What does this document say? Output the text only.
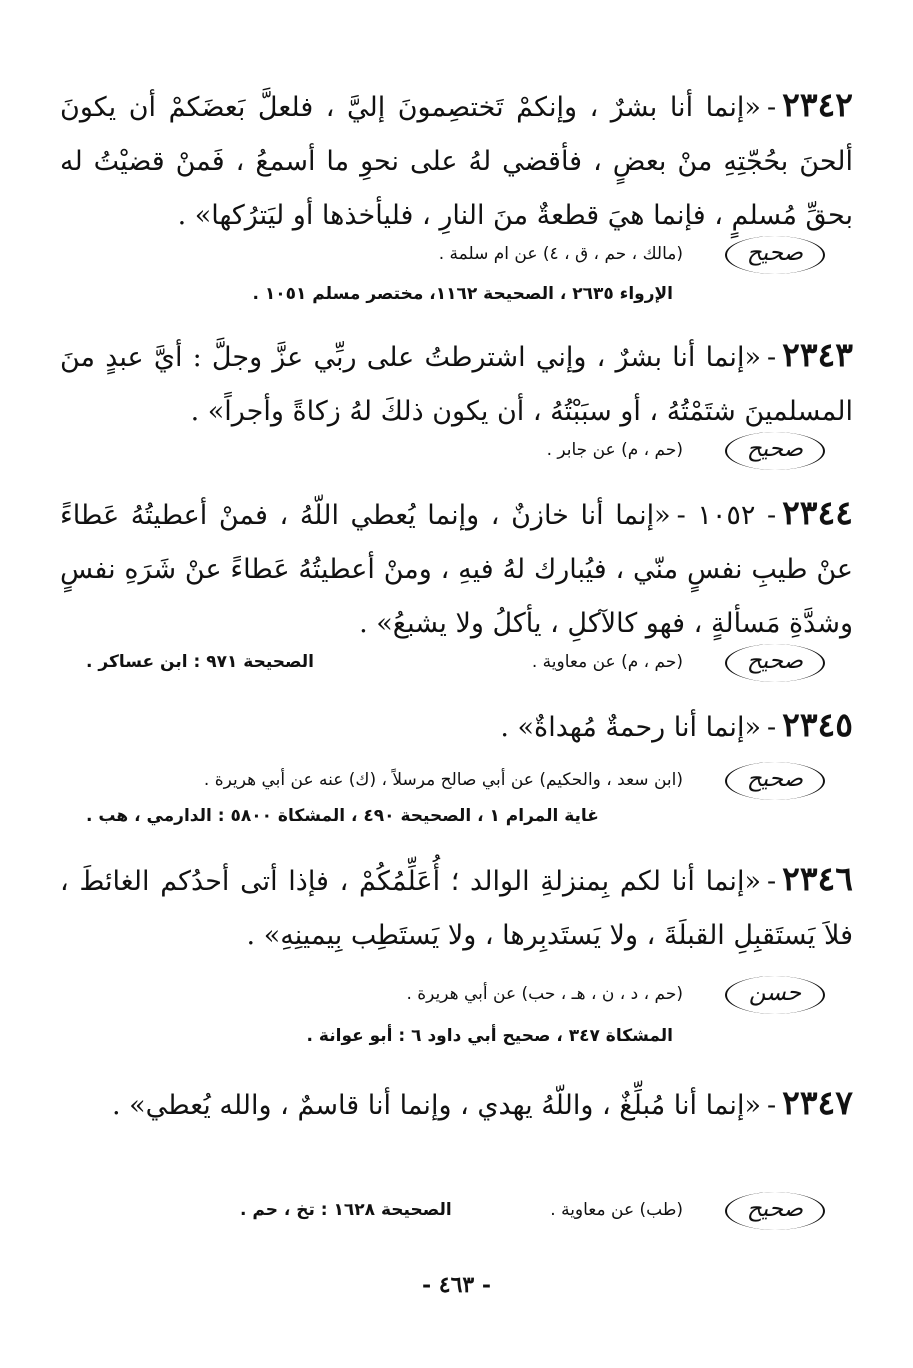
٢٣٤٢-«إنما أنا بشرٌ ، وإنكمْ تَختصِمونَ إليَّ ، فلعلَّ بَعضَكمْ أن يكونَ ألحنَ بحُجّتِهِ منْ بعضٍ ، فأقضي لهُ على نحوِ ما أسمعُ ، فَمنْ قضيْتُ له بحقِّ مُسلمٍ ، فإنما هيَ قطعةٌ منَ النارِ ، فليأخذها أو ليَترُكها» .

صحيح
(مالك ، حم ، ق ، ٤) عن ام سلمة .
الإرواء ٢٦٣٥ ، الصحيحة ١١٦٢، مختصر مسلم ١٠٥١ .

٢٣٤٣-«إنما أنا بشرٌ ، وإني اشترطتُ على ربِّي عزَّ وجلَّ : أيَّ عبدٍ منَ المسلمينَ شتَمْتُهُ ، أو سبَبْتُهُ ، أن يكون ذلكَ لهُ زكاةً وأجراً» .

صحيح
(حم ، م) عن جابر .

٢٣٤٤- ١٠٥٢ -«إنما أنا خازنٌ ، وإنما يُعطي اللّهُ ، فمنْ أعطيتُهُ عَطاءً عنْ طيبِ نفسٍ منّي ، فيُبارك لهُ فيهِ ، ومنْ أعطيتُهُ عَطاءً عنْ شَرَهِ نفسٍ وشدَّةِ مَسألةٍ ، فهو كالآكلِ ، يأكلُ ولا يشبعُ» .

صحيح
(حم ، م) عن معاوية .
الصحيحة ٩٧١ : ابن عساكر .

٢٣٤٥-«إنما أنا رحمةٌ مُهداةٌ» .

صحيح
(ابن سعد ، والحكيم) عن أبي صالح مرسلاً ، (ك) عنه عن أبي هريرة .
غاية المرام ١ ، الصحيحة ٤٩٠ ، المشكاة ٥٨٠٠ : الدارمي ، هب .

٢٣٤٦-«إنما أنا لكم بِمنزلةِ الوالد ؛ أُعَلِّمُكُمْ ، فإذا أتى أحدُكم الغائطَ ، فلاَ يَستَقبِلِ القبلَةَ ، ولا يَستَدبِرها ، ولا يَستَطِب بِيمينِهِ» .

حسن
(حم ، د ، ن ، هـ ، حب) عن أبي هريرة .
المشكاة ٣٤٧ ، صحيح أبي داود ٦ : أبو عوانة .

٢٣٤٧-«إنما أنا مُبلِّغٌ ، واللّهُ يهدي ، وإنما أنا قاسمٌ ، والله يُعطي» .

صحيح
(طب) عن معاوية .
الصحيحة ١٦٢٨ : تخ ، حم .
- ٤٦٣ -
